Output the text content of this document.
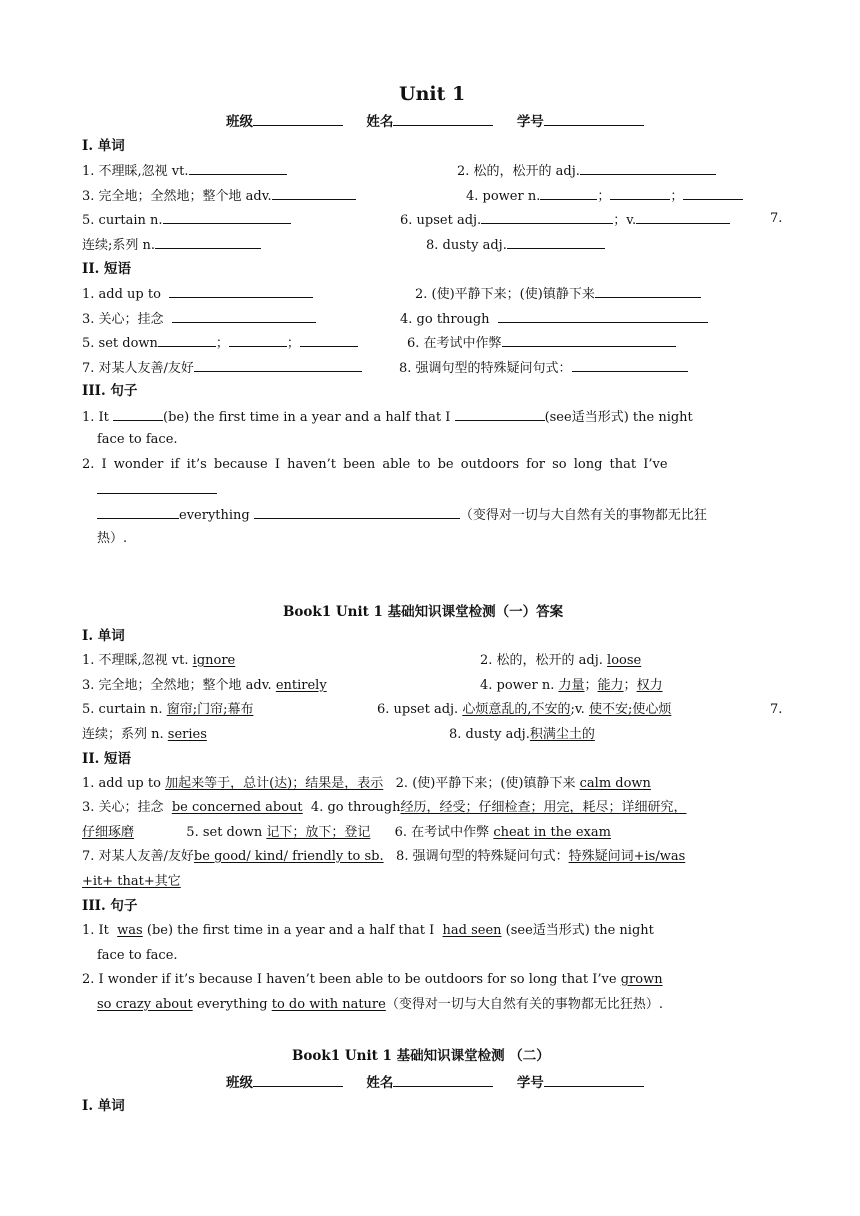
Unit 1
班级	姓名	学号
I. 单词
1. 不理睬,忽视 vt.	2. 松的，松开的 adj.
3. 完全地；全然地；整个地 adv.	4. power n.	；	；
5. curtain n.	6. upset adj.	；v.	7.
连续;系列 n.	8. dusty adj.
II. 短语
1. add up to	2. (使)平静下来；(使)镇静下来
3. 关心；挂念	4. go through
5. set down	；	；	6. 在考试中作弊
7. 对某人友善/友好	8. 强调句型的特殊疑问句式：
III. 句子
1. It	(be) the first time in a year and a half that I	(see适当形式) the night
face to face.
2. I wonder if it’s because I haven’t been able to be outdoors for so long that I’ve
everything	（变得对一切与大自然有关的事物都无比狂
热）.
Book1 Unit 1 基础知识课堂检测（一）答案
I. 单词
1. 不理睬,忽视 vt. ignore	2. 松的，松开的 adj. loose
3. 完全地；全然地；整个地 adv. entirely	4. power n. 力量；能力；权力
5. curtain n. 窗帘;门帘;幕布	6. upset adj. 心烦意乱的,不安的;v. 使不安;使心烦	7.
连续；系列 n. series	8. dusty adj.积满尘土的
II. 短语
1. add up to 加起来等于，总计(达)；结果是，表示 2. (使)平静下来；(使)镇静下来 calm down
3. 关心；挂念 be concerned about 4. go through经历，经受；仔细检查；用完，耗尽；详细研究，
仔细琢磨	5. set down 记下；放下；登记 6. 在考试中作弊 cheat in the exam
7. 对某人友善/友好be good/ kind/ friendly to sb. 8. 强调句型的特殊疑问句式：特殊疑问词+is/was
+it+ that+其它
III. 句子
1. It was (be) the first time in a year and a half that I had seen (see适当形式) the night
face to face.
2. I wonder if it’s because I haven’t been able to be outdoors for so long that I’ve grown
so crazy about everything to do with nature（变得对一切与大自然有关的事物都无比狂热）.
Book1 Unit 1 基础知识课堂检测 （二）
班级	姓名	学号
I. 单词
